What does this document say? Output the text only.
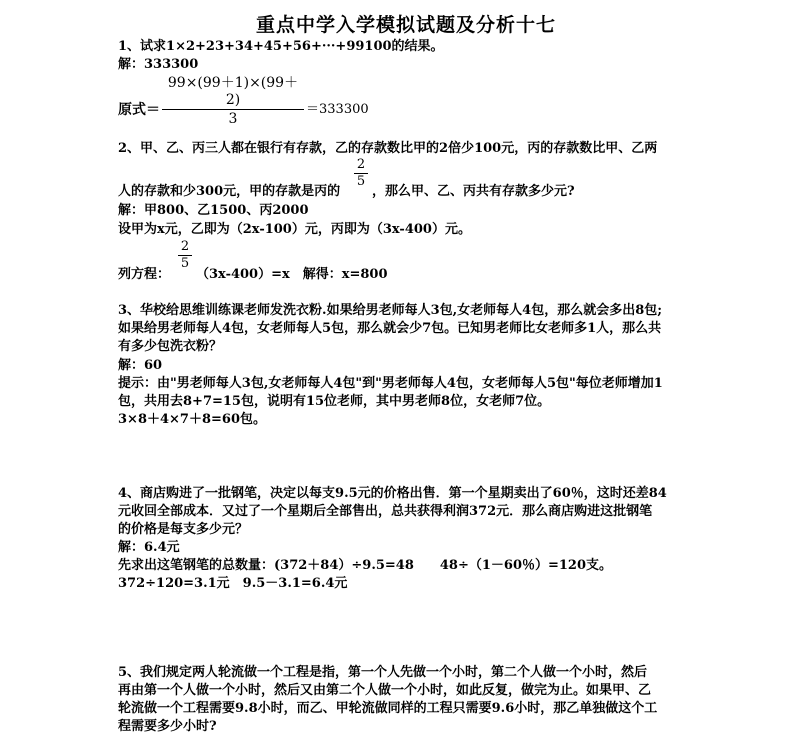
重点中学入学模拟试题及分析十七
1、试求1×2+23+34+45+56+···+99100的结果。
解：333300
99×(99＋1)×(99＋2)
3
原式＝	＝333300
2、甲、乙、丙三人都在银行有存款，乙的存款数比甲的2倍少100元，丙的存款数比甲、乙两
人的存款和少300元，甲的存款是丙的
2
5
，那么甲、乙、丙共有存款多少元?
解：甲800、乙1500、丙2000
设甲为x元，乙即为（2x-100）元，丙即为（3x-400）元。
2
5
列方程： （3x-400）=x　解得：x=800
3、华校给思维训练课老师发洗衣粉.如果给男老师每人3包,女老师每人4包，那么就会多出8包;
如果给男老师每人4包，女老师每人5包，那么就会少7包。已知男老师比女老师多1人，那么共
有多少包洗衣粉？
解：60
提示：由"男老师每人3包,女老师每人4包"到"男老师每人4包，女老师每人5包"每位老师增加1
包，共用去8+7=15包，说明有15位老师，其中男老师8位，女老师7位。
3×8＋4×7＋8=60包。
4、商店购进了一批钢笔，决定以每支9.5元的价格出售．第一个星期卖出了60％，这时还差84
元收回全部成本．又过了一个星期后全部售出，总共获得利润372元．那么商店购进这批钢笔
的价格是每支多少元？
解：6.4元
先求出这笔钢笔的总数量：(372＋84）÷9.5=48　　48÷（1－60％）=120支。
372÷120=3.1元　9.5－3.1=6.4元
5、我们规定两人轮流做一个工程是指，第一个人先做一个小时，第二个人做一个小时，然后
再由第一个人做一个小时，然后又由第二个人做一个小时，如此反复，做完为止。如果甲、乙
轮流做一个工程需要9.8小时，而乙、甲轮流做同样的工程只需要9.6小时，那乙单独做这个工
程需要多少小时?
